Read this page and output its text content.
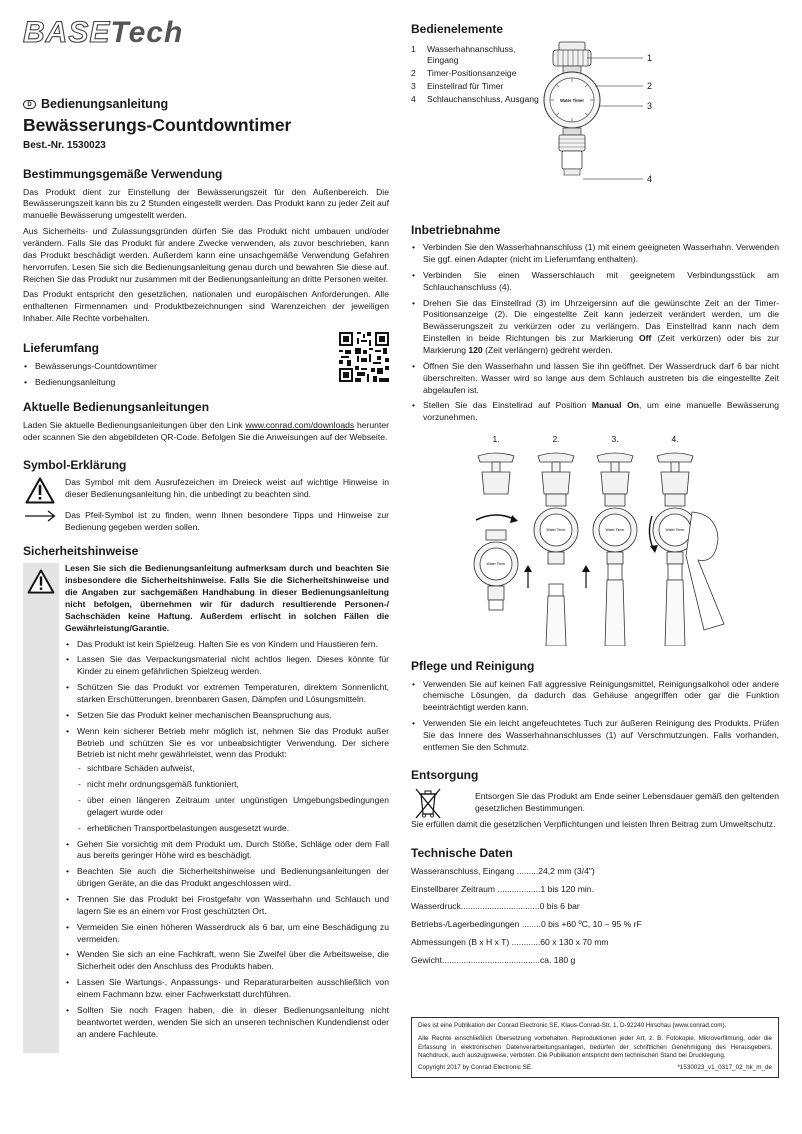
BASETech
D Bedienungsanleitung
Bewässerungs-Countdowntimer
Best.-Nr. 1530023
Bestimmungsgemäße Verwendung

Das Produkt dient zur Einstellung der Bewässerungszeit für den Außenbereich. Die Bewässerungszeit kann bis zu 2 Stunden eingestellt werden. Das Produkt kann zu jeder Zeit auf manuelle Bewässerung umgestellt werden.

Aus Sicherheits- und Zulassungsgründen dürfen Sie das Produkt nicht umbauen und/oder verändern. Falls Sie das Produkt für andere Zwecke verwenden, als zuvor beschrieben, kann das Produkt beschädigt werden. Außerdem kann eine unsachgemäße Verwendung Gefahren hervorrufen. Lesen Sie sich die Bedienungsanleitung genau durch und bewahren Sie diese auf. Reichen Sie das Produkt nur zusammen mit der Bedienungsanleitung an dritte Personen weiter.

Das Produkt entspricht den gesetzlichen, nationalen und europäischen Anforderungen. Alle enthaltenen Firmennamen und Produktbezeichnungen sind Warenzeichen der jeweiligen Inhaber. Alle Rechte vorbehalten.

Lieferumfang
• Bewässerungs-Countdowntimer
• Bedienungsanleitung
Aktuelle Bedienungsanleitungen

Laden Sie aktuelle Bedienungsanleitungen über den Link www.conrad.com/downloads herunter oder scannen Sie den abgebildeten QR-Code. Befolgen Sie die Anweisungen auf der Webseite.

Symbol-Erklärung

Das Symbol mit dem Ausrufezeichen im Dreieck weist auf wichtige Hinweise in dieser Bedienungsanleitung hin, die unbedingt zu beachten sind.

Das Pfeil-Symbol ist zu finden, wenn Ihnen besondere Tipps und Hinweise zur Bedienung gegeben werden sollen.

Sicherheitshinweise

Lesen Sie sich die Bedienungsanleitung aufmerksam durch und beachten Sie insbesondere die Sicherheitshinweise. Falls Sie die Sicherheitshinweise und die Angaben zur sachgemäßen Handhabung in dieser Bedienungsanleitung nicht befolgen, übernehmen wir für dadurch resultierende Personen-/ Sachschäden keine Haftung. Außerdem erlischt in solchen Fällen die Gewährleistung/Garantie.

• Das Produkt ist kein Spielzeug. Halten Sie es von Kindern und Haustieren fern.
• Lassen Sie das Verpackungsmaterial nicht achtlos liegen. Dieses könnte für Kinder zu einem gefährlichen Spielzeug werden.
• Schützen Sie das Produkt vor extremen Temperaturen, direktem Sonnenlicht, starken Erschütterungen, brennbaren Gasen, Dämpfen und Lösungsmitteln.
• Setzen Sie das Produkt keiner mechanischen Beanspruchung aus.
• Wenn kein sicherer Betrieb mehr möglich ist, nehmen Sie das Produkt außer Betrieb und schützen Sie es vor unbeabsichtigter Verwendung. Der sichere Betrieb ist nicht mehr gewährleistet, wenn das Produkt:
- sichtbare Schäden aufweist,
- nicht mehr ordnungsgemäß funktioniert,
- über einen längeren Zeitraum unter ungünstigen Umgebungsbedingungen gelagert wurde oder
- erheblichen Transportbelastungen ausgesetzt wurde.
• Gehen Sie vorsichtig mit dem Produkt um. Durch Stöße, Schläge oder dem Fall aus bereits geringer Höhe wird es beschädigt.
• Beachten Sie auch die Sicherheitshinweise und Bedienungsanleitungen der übrigen Geräte, an die das Produkt angeschlossen wird.
• Trennen Sie das Produkt bei Frostgefahr von Wasserhahn und Schlauch und lagern Sie es an einem vor Frost geschützten Ort.
• Vermeiden Sie einen höheren Wasserdruck als 6 bar, um eine Beschädigung zu vermeiden.
• Wenden Sie sich an eine Fachkraft, wenn Sie Zweifel über die Arbeitsweise, die Sicherheit oder den Anschluss des Produkts haben.
• Lassen Sie Wartungs-, Anpassungs- und Reparaturarbeiten ausschließlich von einem Fachmann bzw. einer Fachwerkstatt durchführen.
• Sollten Sie noch Fragen haben, die in dieser Bedienungsanleitung nicht beantwortet werden, wenden Sie sich an unseren technischen Kundendienst oder an andere Fachleute.
Bedienelemente
1 Wasserhahnanschluss, Eingang
2 Timer-Positionsanzeige
3 Einstellrad für Timer
4 Schlauchanschluss, Ausgang	Water Timer
1
2
3
4
Inbetriebnahme
• Verbinden Sie den Wasserhahnanschluss (1) mit einem geeigneten Wasserhahn. Verwenden Sie ggf. einen Adapter (nicht im Lieferumfang enthalten).
• Verbinden Sie einen Wasserschlauch mit geeignetem Verbindungsstück am Schlauchanschluss (4).
• Drehen Sie das Einstellrad (3) im Uhrzeigersinn auf die gewünschte Zeit an der Timer-Positionsanzeige (2). Die eingestellte Zeit kann jederzeit verändert werden, um die Bewässerungszeit zu verkürzen oder zu verlängern. Das Einstellrad kann nach dem Einstellen in beide Richtungen bis zur Markierung Off (Zeit verkürzen) oder bis zur Markierung 120 (Zeit verlängern) gedreht werden.
• Öffnen Sie den Wasserhahn und lassen Sie ihn geöffnet. Der Wasserdruck darf 6 bar nicht überschreiten. Wasser wird so lange aus dem Schlauch austreten bis die eingestellte Zeit abgelaufen ist.
• Stellen Sie das Einstellrad auf Position Manual On, um eine manuelle Bewässerung vorzunehmen.
1.	2.	3.	4.
Water Timer
Water Timer	Water Timer	Water Timer
Pflege und Reinigung
• Verwenden Sie auf keinen Fall aggressive Reinigungsmittel, Reinigungsalkohol oder andere chemische Lösungen, da dadurch das Gehäuse angegriffen oder gar die Funktion beeinträchtigt werden kann.
• Verwenden Sie ein leicht angefeuchtetes Tuch zur äußeren Reinigung des Produkts. Prüfen Sie das Innere des Wasserhahnanschlusses (1) auf Verschmutzungen. Falls vorhanden, entfernen Sie den Schmutz.
Entsorgung

Entsorgen Sie das Produkt am Ende seiner Lebensdauer gemäß den geltenden gesetzlichen Bestimmungen.

Sie erfüllen damit die gesetzlichen Verpflichtungen und leisten Ihren Beitrag zum Umweltschutz.

Technische Daten
Wasseranschluss, Eingang ......... 24,2 mm (3/4")
Einstellbarer Zeitraum .................. 1 bis 120 min.
Wasserdruck................................. 0 bis 6 bar
Betriebs-/Lagerbedingungen ........ 0 bis +60 ºC, 10 – 95 % rF
Abmessungen (B x H x T) ............ 60 x 130 x 70 mm
Gewicht......................................... ca. 180 g
Dies ist eine Publikation der Conrad Electronic SE, Klaus-Conrad-Str. 1, D-92240 Hirschau (www.conrad.com).
Alle Rechte einschließlich Übersetzung vorbehalten. Reproduktionen jeder Art, z. B. Fotokopie, Mikroverfilmung, oder die Erfassung in elektronischen Datenverarbeitungsanlagen, bedürfen der schriftlichen Genehmigung des Herausgebers. Nachdruck, auch auszugsweise, verboten. Die Publikation entspricht dem technischen Stand bei Drucklegung.
Copyright 2017 by Conrad Electronic SE.	*1530023_v1_0317_02_hk_m_de
